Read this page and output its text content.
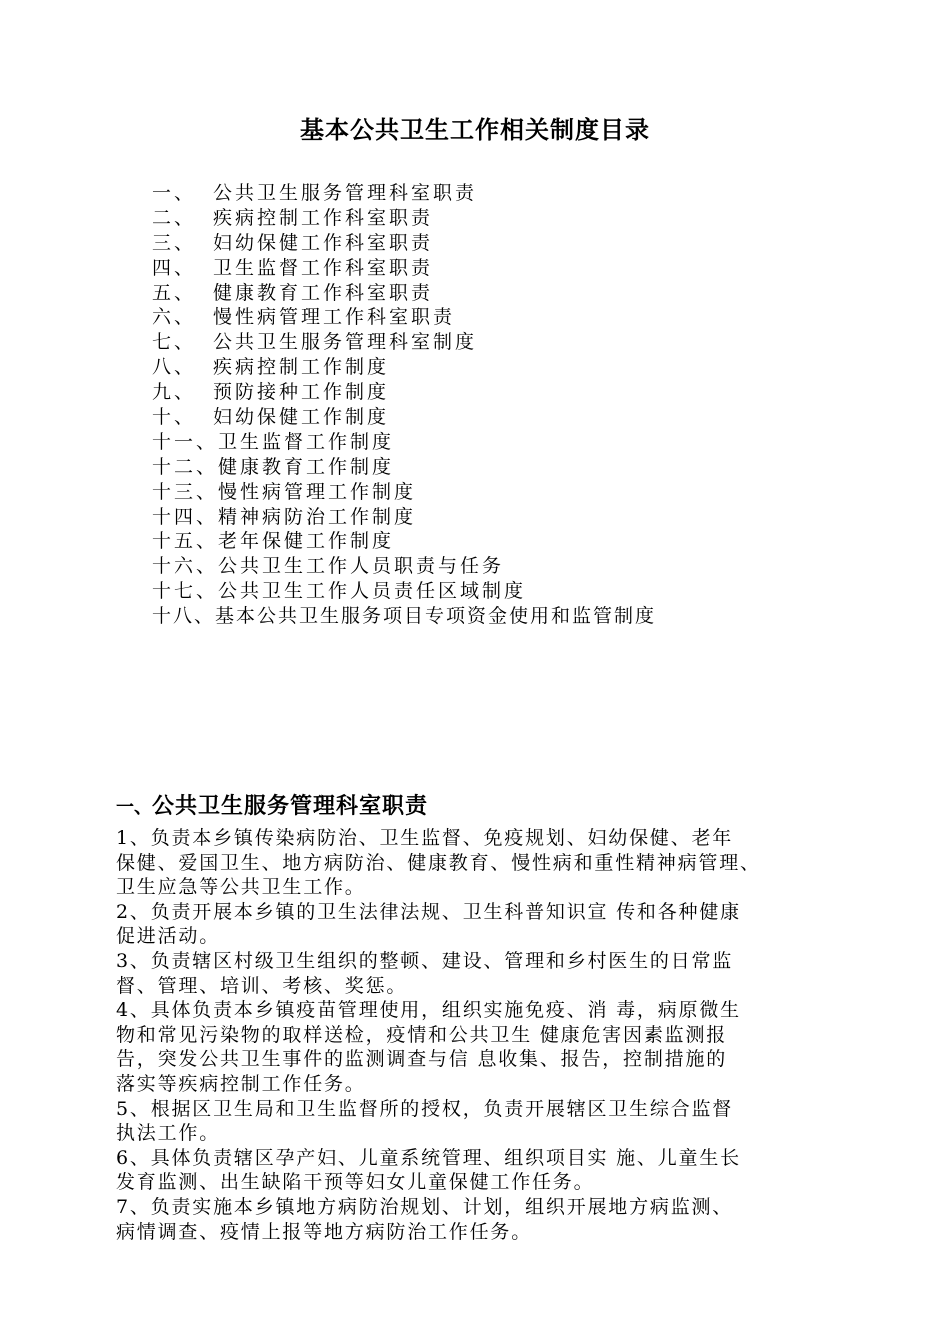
基本公共卫生工作相关制度目录
一、 公共卫生服务管理科室职责
二、 疾病控制工作科室职责
三、 妇幼保健工作科室职责
四、 卫生监督工作科室职责
五、 健康教育工作科室职责
六、 慢性病管理工作科室职责
七、 公共卫生服务管理科室制度
八、 疾病控制工作制度
九、 预防接种工作制度
十、 妇幼保健工作制度
十一、 卫生监督工作制度
十二、 健康教育工作制度
十三、 慢性病管理工作制度
十四、 精神病防治工作制度
十五、 老年保健工作制度
十六、 公共卫生工作人员职责与任务
十七、 公共卫生工作人员责任区域制度
十八、 基本公共卫生服务项目专项资金使用和监管制度
一、公共卫生服务管理科室职责
1、负责本乡镇传染病防治、卫生监督、免疫规划、妇幼保健、老年
保健、爱国卫生、地方病防治、健康教育、慢性病和重性精神病管理、
卫生应急等公共卫生工作。
2、负责开展本乡镇的卫生法律法规、卫生科普知识宣 传和各种健康
促进活动。
3、负责辖区村级卫生组织的整顿、建设、管理和乡村医生的日常监
督、管理、培训、考核、奖惩。
4、具体负责本乡镇疫苗管理使用，组织实施免疫、消 毒，病原微生
物和常见污染物的取样送检，疫情和公共卫生 健康危害因素监测报
告，突发公共卫生事件的监测调查与信 息收集、报告，控制措施的
落实等疾病控制工作任务。
5、根据区卫生局和卫生监督所的授权，负责开展辖区卫生综合监督
执法工作。
6、具体负责辖区孕产妇、儿童系统管理、组织项目实 施、儿童生长
发育监测、出生缺陷干预等妇女儿童保健工作任务。
7、负责实施本乡镇地方病防治规划、计划，组织开展地方病监测、
病情调查、疫情上报等地方病防治工作任务。
